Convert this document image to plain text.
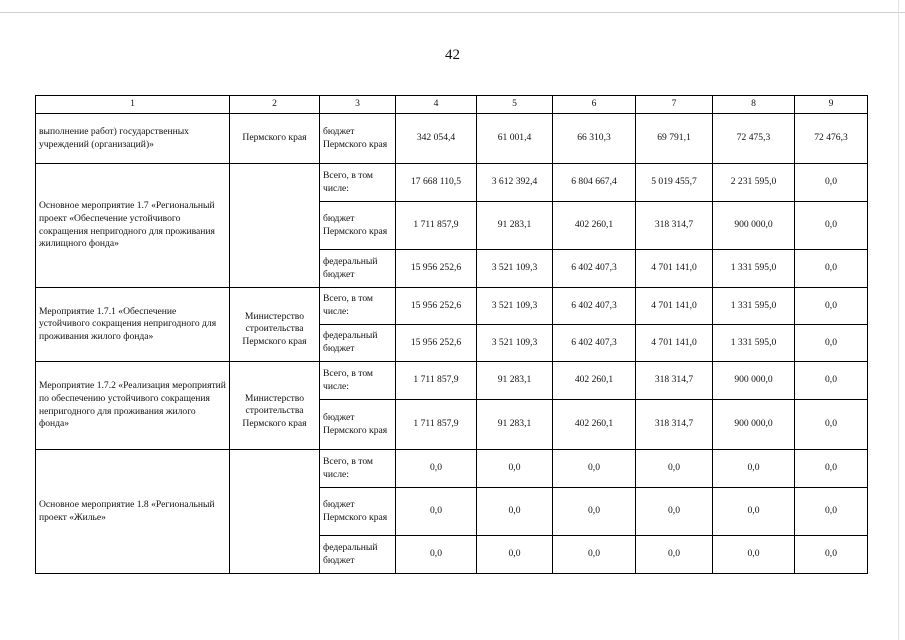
42
1	2	3	4	5	6	7	8	9
выполнение работ) государственных учреждений (организаций)»	Пермского края	бюджет Пермского края	342 054,4	61 001,4	66 310,3	69 791,1	72 475,3	72 476,3
Основное мероприятие 1.7 «Региональный проект «Обеспечение устойчивого сокращения непригодного для проживания жилищного фонда»		Всего, в том числе:	17 668 110,5	3 612 392,4	6 804 667,4	5 019 455,7	2 231 595,0	0,0
		бюджет Пермского края	1 711 857,9	91 283,1	402 260,1	318 314,7	900 000,0	0,0
		федеральный бюджет	15 956 252,6	3 521 109,3	6 402 407,3	4 701 141,0	1 331 595,0	0,0
Мероприятие 1.7.1 «Обеспечение устойчивого сокращения непригодного для проживания жилого фонда»	Министерство строительства Пермского края	Всего, в том числе:	15 956 252,6	3 521 109,3	6 402 407,3	4 701 141,0	1 331 595,0	0,0
		федеральный бюджет	15 956 252,6	3 521 109,3	6 402 407,3	4 701 141,0	1 331 595,0	0,0
Мероприятие 1.7.2 «Реализация мероприятий по обеспечению устойчивого сокращения непригодного для проживания жилого фонда»	Министерство строительства Пермского края	Всего, в том числе:	1 711 857,9	91 283,1	402 260,1	318 314,7	900 000,0	0,0
		бюджет Пермского края	1 711 857,9	91 283,1	402 260,1	318 314,7	900 000,0	0,0
Основное мероприятие 1.8 «Региональный проект «Жилье»		Всего, в том числе:	0,0	0,0	0,0	0,0	0,0	0,0
		бюджет Пермского края	0,0	0,0	0,0	0,0	0,0	0,0
		федеральный бюджет	0,0	0,0	0,0	0,0	0,0	0,0
